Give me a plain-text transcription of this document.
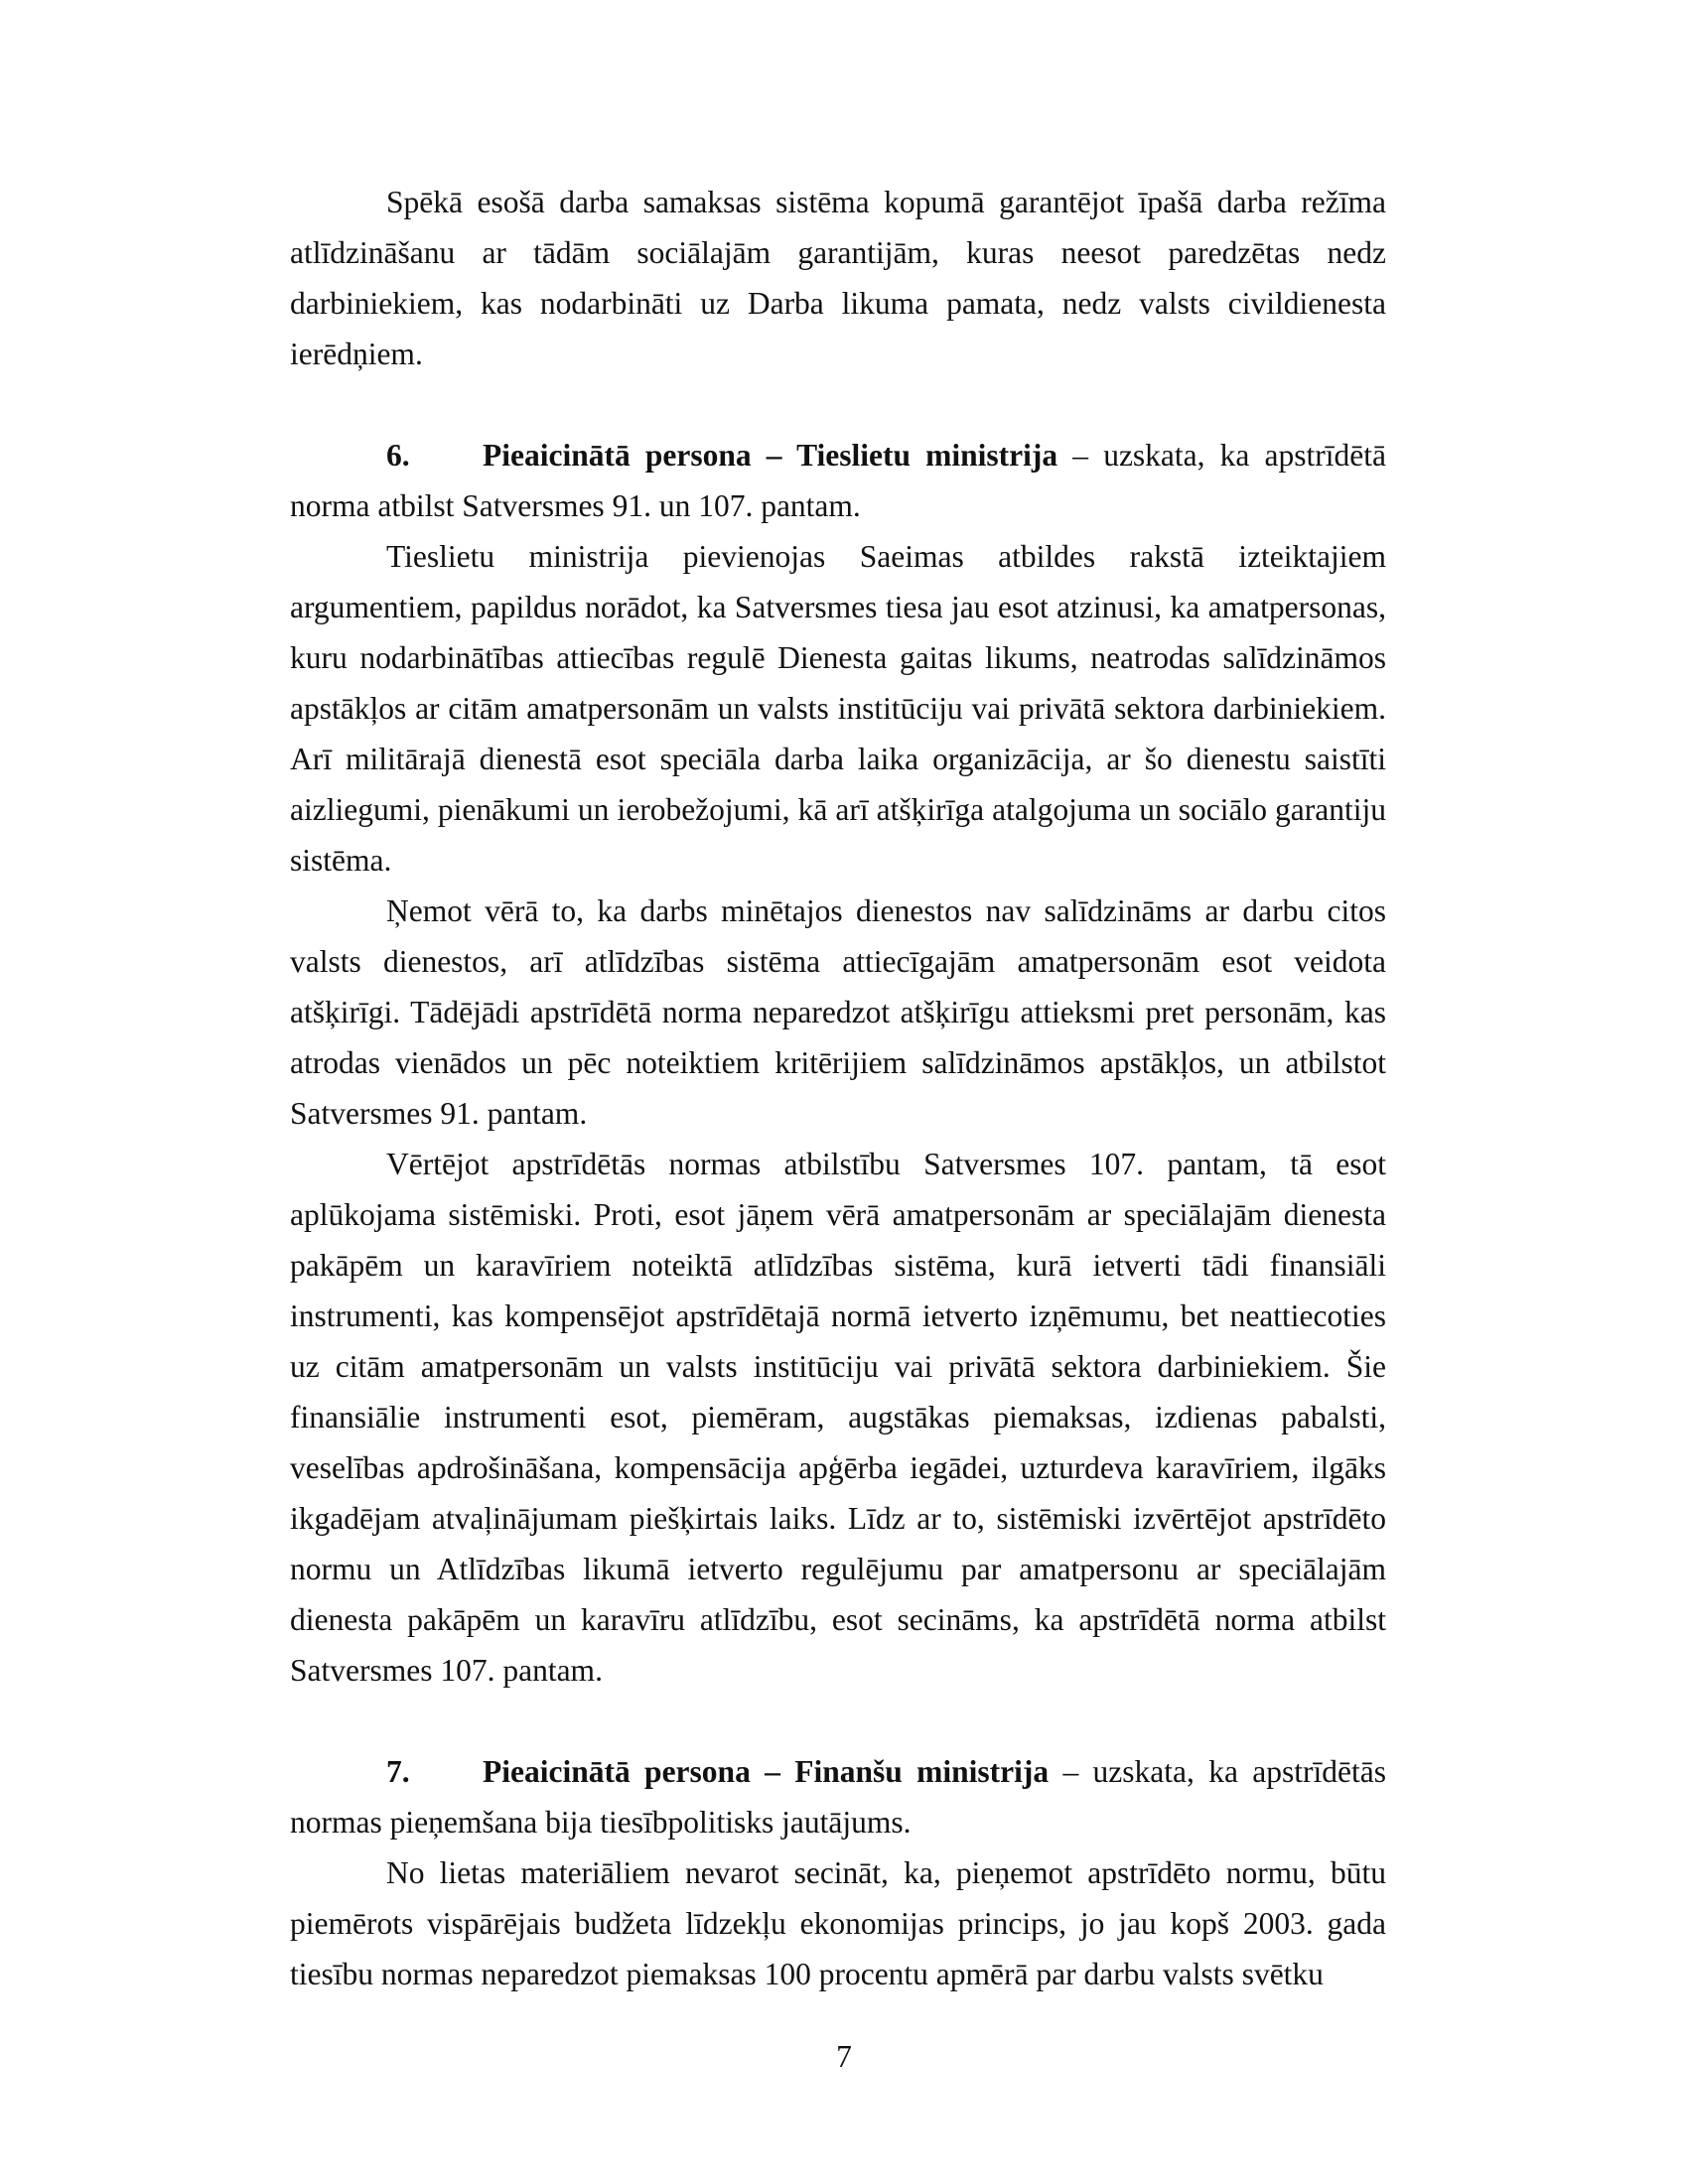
Spēkā esošā darba samaksas sistēma kopumā garantējot īpašā darba režīma atlīdzināšanu ar tādām sociālajām garantijām, kuras neesot paredzētas nedz darbiniekiem, kas nodarbināti uz Darba likuma pamata, nedz valsts civildienesta ierēdņiem.

6. Pieaicinātā persona – Tieslietu ministrija – uzskata, ka apstrīdētā norma atbilst Satversmes 91. un 107. pantam.

Tieslietu ministrija pievienojas Saeimas atbildes rakstā izteiktajiem argumentiem, papildus norādot, ka Satversmes tiesa jau esot atzinusi, ka amatpersonas, kuru nodarbinātības attiecības regulē Dienesta gaitas likums, neatrodas salīdzināmos apstākļos ar citām amatpersonām un valsts institūciju vai privātā sektora darbiniekiem. Arī militārajā dienestā esot speciāla darba laika organizācija, ar šo dienestu saistīti aizliegumi, pienākumi un ierobežojumi, kā arī atšķirīga atalgojuma un sociālo garantiju sistēma.

Ņemot vērā to, ka darbs minētajos dienestos nav salīdzināms ar darbu citos valsts dienestos, arī atlīdzības sistēma attiecīgajām amatpersonām esot veidota atšķirīgi. Tādējādi apstrīdētā norma neparedzot atšķirīgu attieksmi pret personām, kas atrodas vienādos un pēc noteiktiem kritērijiem salīdzināmos apstākļos, un atbilstot Satversmes 91. pantam.

Vērtējot apstrīdētās normas atbilstību Satversmes 107. pantam, tā esot aplūkojama sistēmiski. Proti, esot jāņem vērā amatpersonām ar speciālajām dienesta pakāpēm un karavīriem noteiktā atlīdzības sistēma, kurā ietverti tādi finansiāli instrumenti, kas kompensējot apstrīdētajā normā ietverto izņēmumu, bet neattiecoties uz citām amatpersonām un valsts institūciju vai privātā sektora darbiniekiem. Šie finansiālie instrumenti esot, piemēram, augstākas piemaksas, izdienas pabalsti, veselības apdrošināšana, kompensācija apģērba iegādei, uzturdeva karavīriem, ilgāks ikgadējam atvaļinājumam piešķirtais laiks. Līdz ar to, sistēmiski izvērtējot apstrīdēto normu un Atlīdzības likumā ietverto regulējumu par amatpersonu ar speciālajām dienesta pakāpēm un karavīru atlīdzību, esot secināms, ka apstrīdētā norma atbilst Satversmes 107. pantam.

7. Pieaicinātā persona – Finanšu ministrija – uzskata, ka apstrīdētās normas pieņemšana bija tiesībpolitisks jautājums.

No lietas materiāliem nevarot secināt, ka, pieņemot apstrīdēto normu, būtu piemērots vispārējais budžeta līdzekļu ekonomijas princips, jo jau kopš 2003. gada tiesību normas neparedzot piemaksas 100 procentu apmērā par darbu valsts svētku

7
